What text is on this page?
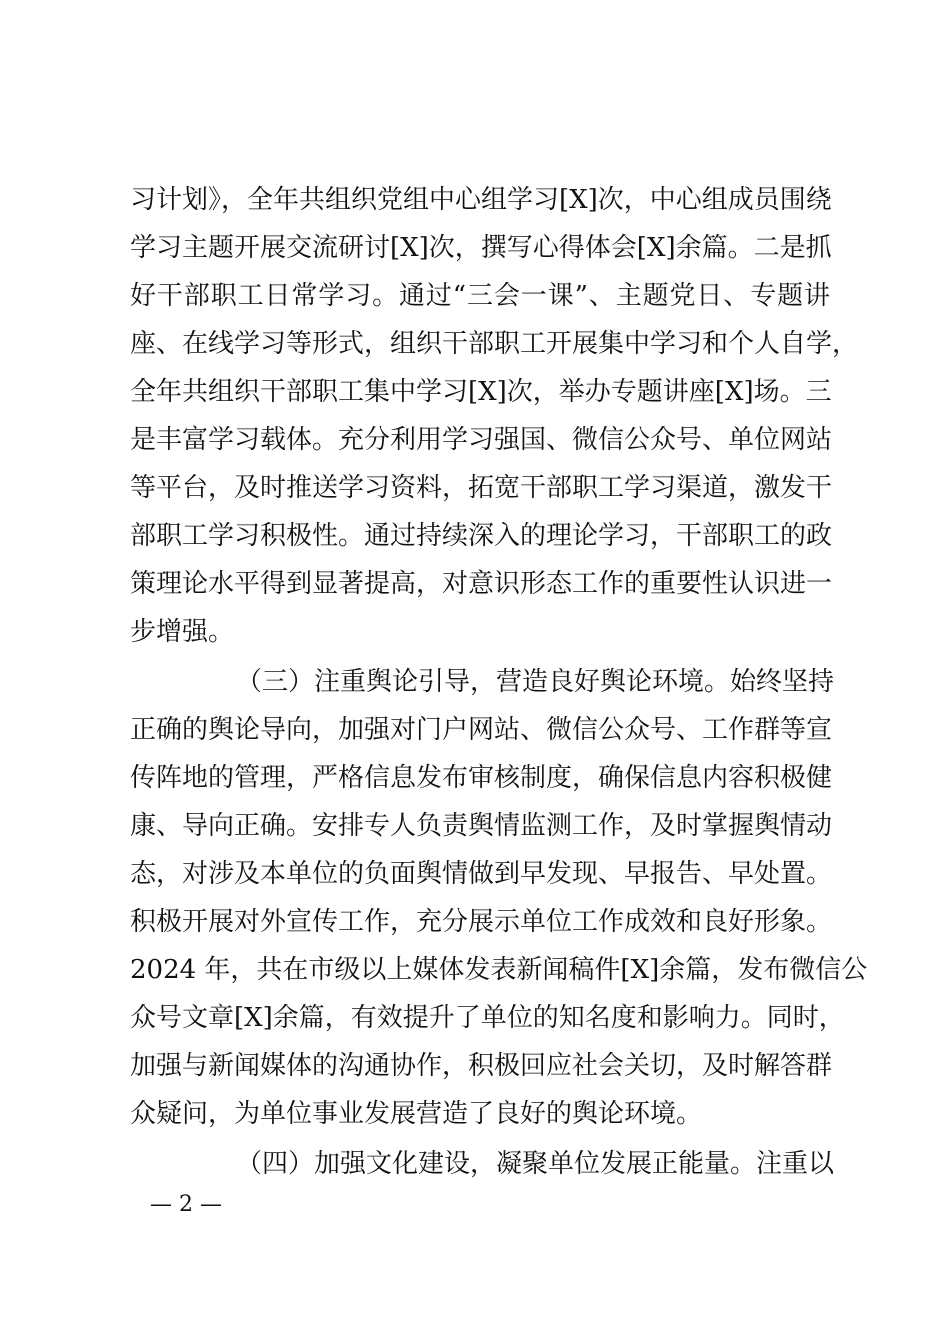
习计划》，全年共组织党组中心组学习[X]次，中心组成员围绕
学习主题开展交流研讨[X]次，撰写心得体会[X]余篇。二是抓
好干部职工日常学习。通过“三会一课”、主题党日、专题讲
座、在线学习等形式，组织干部职工开展集中学习和个人自学，
全年共组织干部职工集中学习[X]次，举办专题讲座[X]场。三
是丰富学习载体。充分利用学习强国、微信公众号、单位网站
等平台，及时推送学习资料，拓宽干部职工学习渠道，激发干
部职工学习积极性。通过持续深入的理论学习，干部职工的政
策理论水平得到显著提高，对意识形态工作的重要性认识进一
步增强。
（三）注重舆论引导，营造良好舆论环境。始终坚持
正确的舆论导向，加强对门户网站、微信公众号、工作群等宣
传阵地的管理，严格信息发布审核制度，确保信息内容积极健
康、导向正确。安排专人负责舆情监测工作，及时掌握舆情动
态，对涉及本单位的负面舆情做到早发现、早报告、早处置。
积极开展对外宣传工作，充分展示单位工作成效和良好形象。
2024 年，共在市级以上媒体发表新闻稿件[X]余篇，发布微信公
众号文章[X]余篇，有效提升了单位的知名度和影响力。同时，
加强与新闻媒体的沟通协作，积极回应社会关切，及时解答群
众疑问，为单位事业发展营造了良好的舆论环境。
（四）加强文化建设，凝聚单位发展正能量。注重以
— 2 —
